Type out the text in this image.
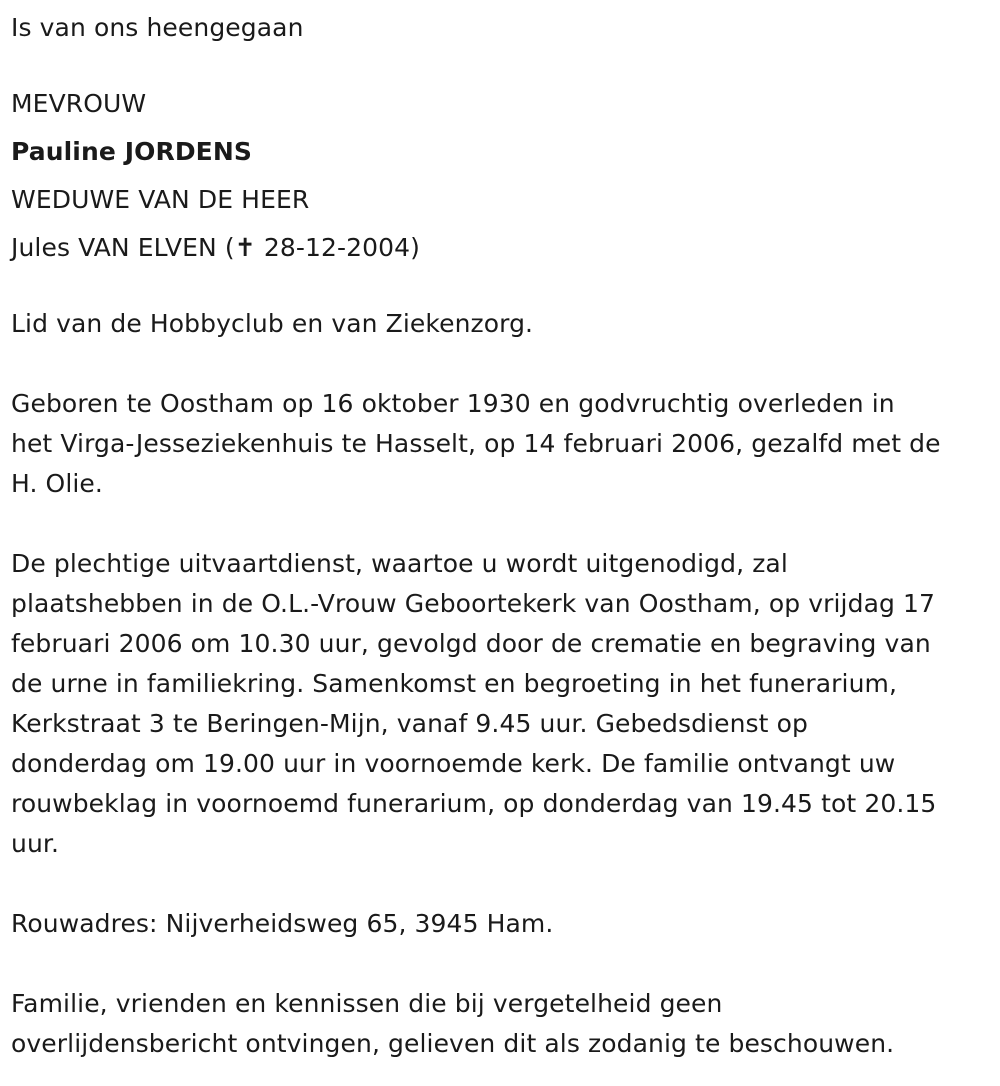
Is van ons heengegaan

MEVROUW

Pauline JORDENS

WEDUWE VAN DE HEER

Jules VAN ELVEN (✝ 28-12-2004)

Lid van de Hobbyclub en van Ziekenzorg.

Geboren te Oostham op 16 oktober 1930 en godvruchtig overleden in
het Virga-Jesseziekenhuis te Hasselt, op 14 februari 2006, gezalfd met de
H. Olie.
De plechtige uitvaartdienst, waartoe u wordt uitgenodigd, zal
plaatshebben in de O.L.-Vrouw Geboortekerk van Oostham, op vrijdag 17
februari 2006 om 10.30 uur, gevolgd door de crematie en begraving van
de urne in familiekring. Samenkomst en begroeting in het funerarium,
Kerkstraat 3 te Beringen-Mijn, vanaf 9.45 uur. Gebedsdienst op
donderdag om 19.00 uur in voornoemde kerk. De familie ontvangt uw
rouwbeklag in voornoemd funerarium, op donderdag van 19.45 tot 20.15
uur.

Rouwadres: Nijverheidsweg 65, 3945 Ham.

Familie, vrienden en kennissen die bij vergetelheid geen
overlijdensbericht ontvingen, gelieven dit als zodanig te beschouwen.
